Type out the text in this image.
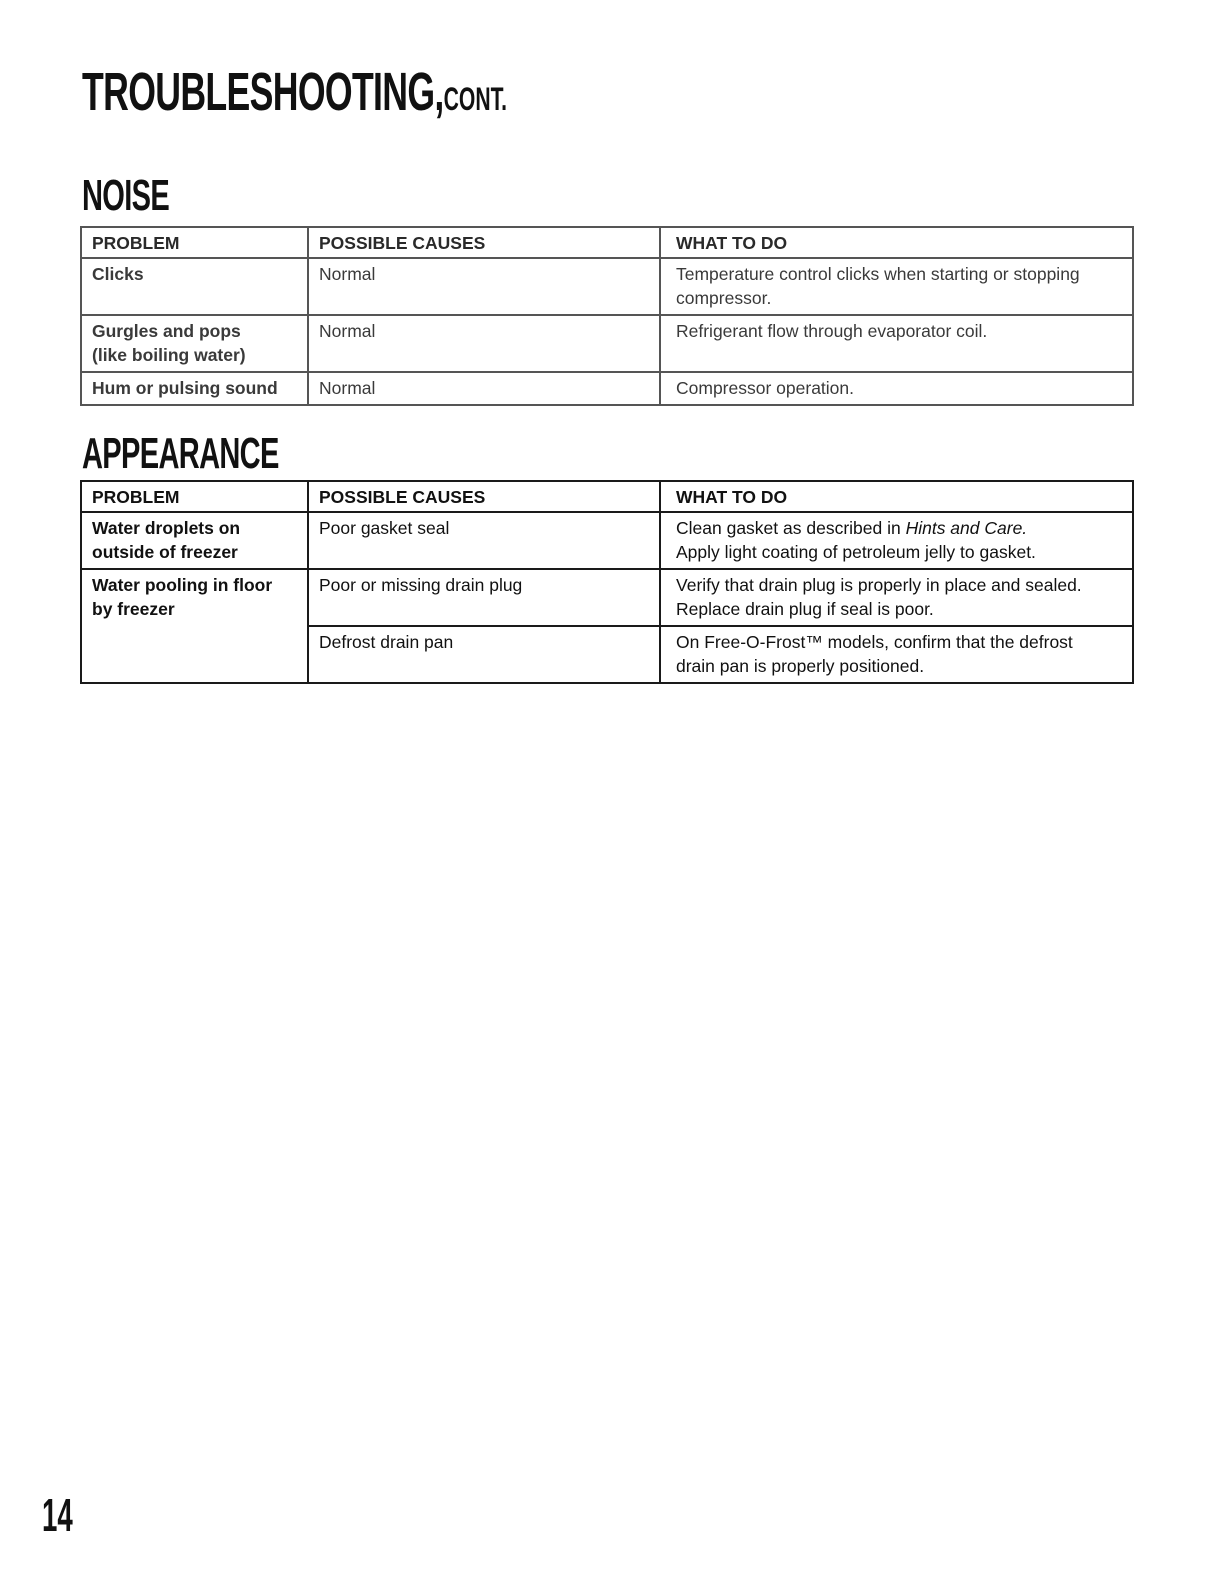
TROUBLESHOOTING,CONT.
NOISE
PROBLEM	POSSIBLE CAUSES	WHAT TO DO

Clicks	Normal	Temperature control clicks when starting or stopping
compressor.

Gurgles and pops
(like boiling water)	Normal	Refrigerant flow through evaporator coil.

Hum or pulsing sound	Normal	Compressor operation.
APPEARANCE
PROBLEM	POSSIBLE CAUSES	WHAT TO DO

Water droplets on
outside of freezer	Poor gasket seal	Clean gasket as described in Hints and Care.
Apply light coating of petroleum jelly to gasket.

Water pooling in floor
by freezer	Poor or missing drain plug	Verify that drain plug is properly in place and sealed.
Replace drain plug if seal is poor.

	Defrost drain pan	On Free-O-Frost™ models, confirm that the defrost
drain pan is properly positioned.
14
